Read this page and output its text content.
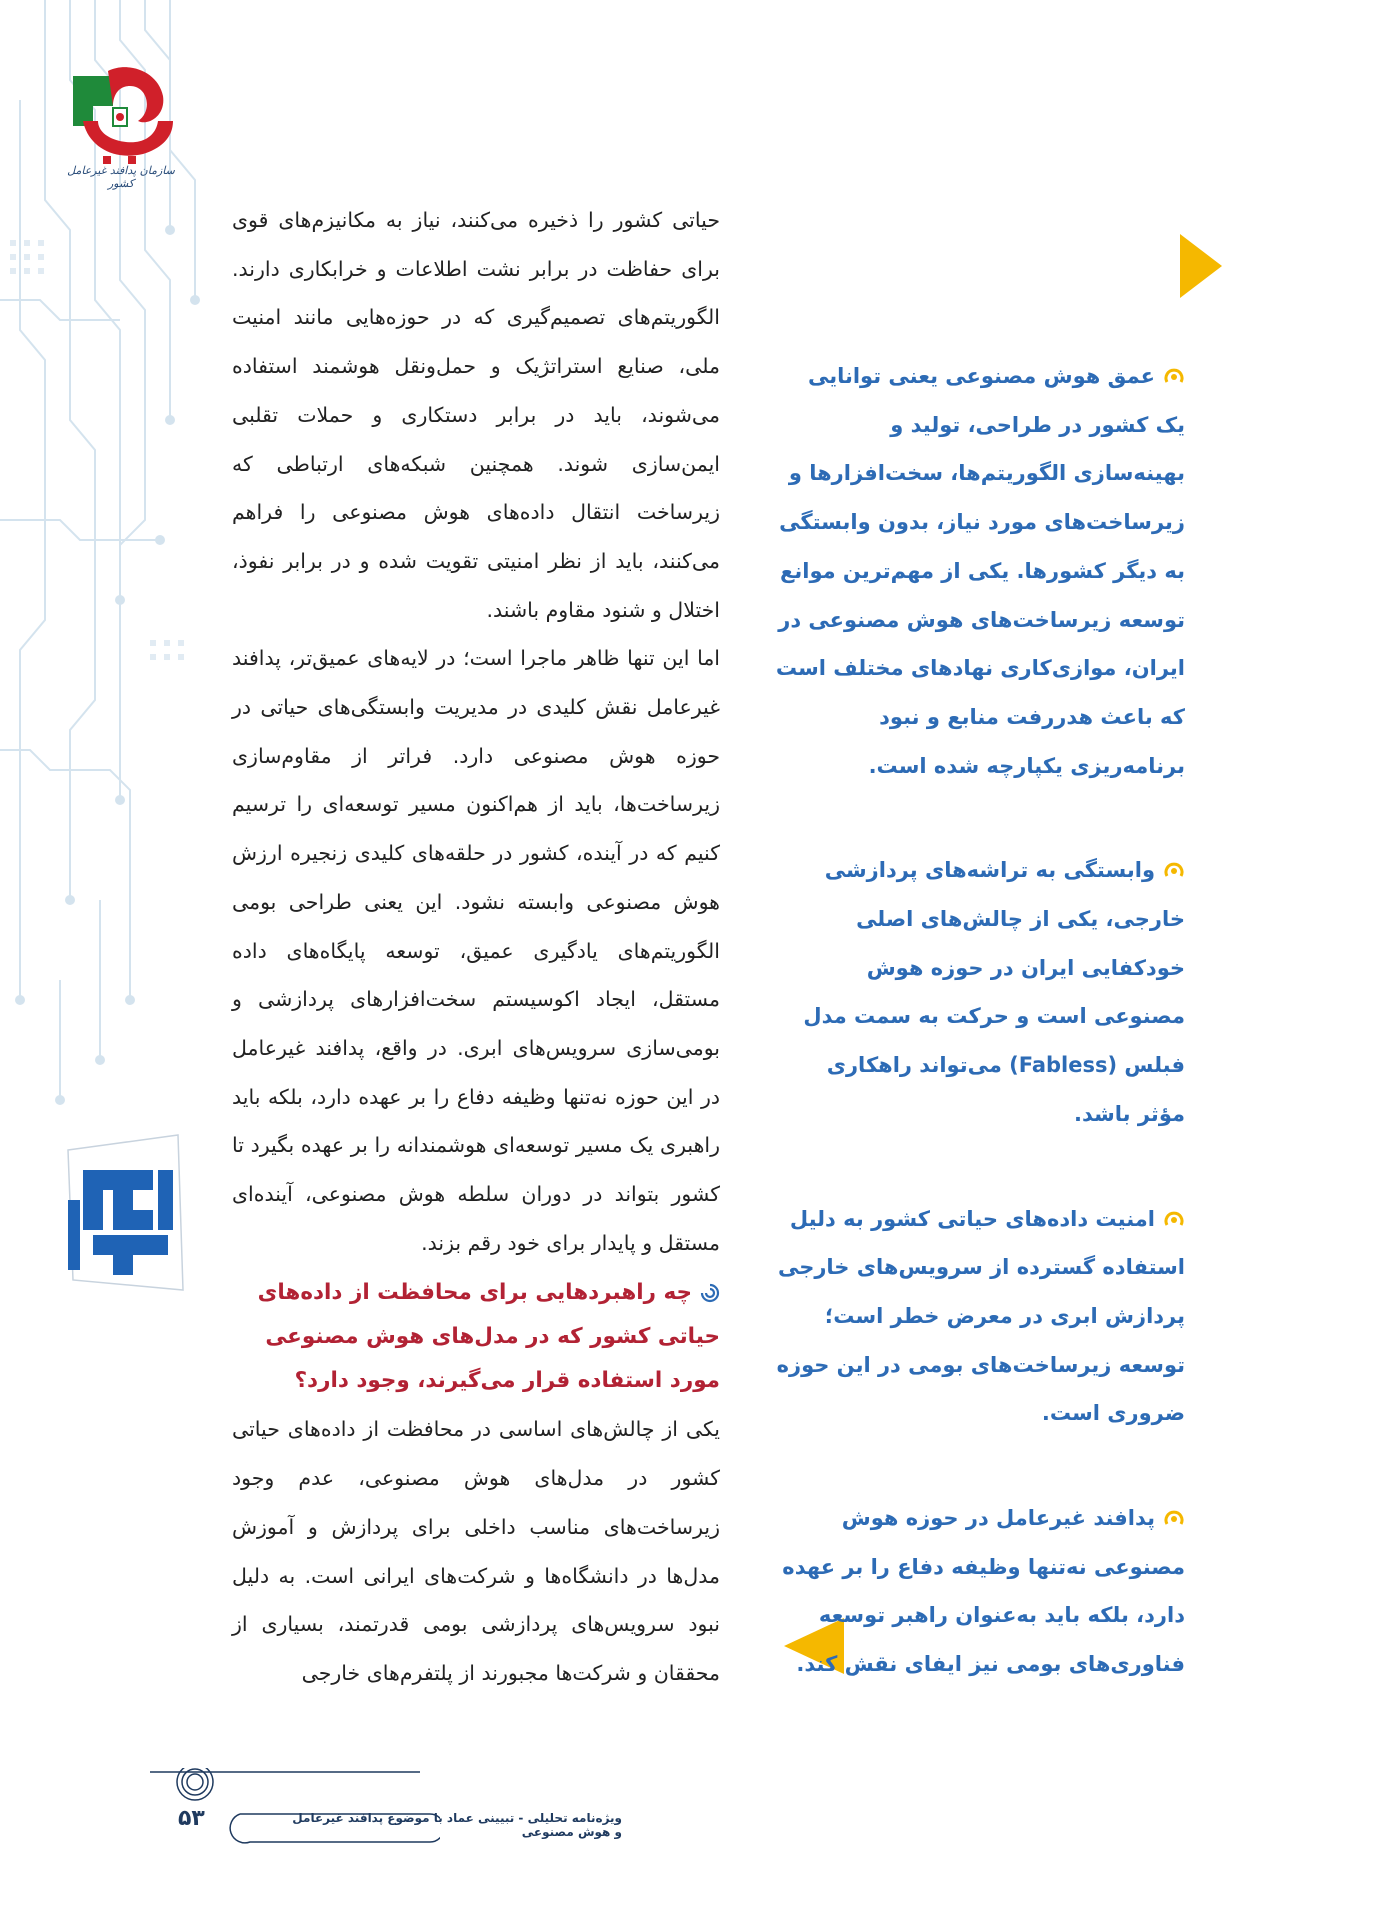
سازمان پدافند غیرعامل کشور

حیاتی کشور را ذخیره می‌کنند، نیاز به مکانیزم‌های قوی برای حفاظت در برابر نشت اطلاعات و خرابکاری دارند. الگوریتم‌های تصمیم‌گیری که در حوزه‌هایی مانند امنیت ملی، صنایع استراتژیک و حمل‌ونقل هوشمند استفاده می‌شوند، باید در برابر دستکاری و حملات تقلبی ایمن‌سازی شوند. همچنین شبکه‌های ارتباطی که زیرساخت انتقال داده‌های هوش مصنوعی را فراهم می‌کنند، باید از نظر امنیتی تقویت شده و در برابر نفوذ، اختلال و شنود مقاوم باشند.

اما این تنها ظاهر ماجرا است؛ در لایه‌های عمیق‌تر، پدافند غیرعامل نقش کلیدی در مدیریت وابستگی‌های حیاتی در حوزه هوش مصنوعی دارد. فراتر از مقاوم‌سازی زیرساخت‌ها، باید از هم‌اکنون مسیر توسعه‌ای را ترسیم کنیم که در آینده، کشور در حلقه‌های کلیدی زنجیره ارزش هوش مصنوعی وابسته نشود. این یعنی طراحی بومی الگوریتم‌های یادگیری عمیق، توسعه پایگاه‌های داده مستقل، ایجاد اکوسیستم سخت‌افزارهای پردازشی و بومی‌سازی سرویس‌های ابری. در واقع، پدافند غیرعامل در این حوزه نه‌تنها وظیفه دفاع را بر عهده دارد، بلکه باید راهبری یک مسیر توسعه‌ای هوشمندانه را بر عهده بگیرد تا کشور بتواند در دوران سلطه هوش مصنوعی، آینده‌ای مستقل و پایدار برای خود رقم بزند.

چه راهبردهایی برای محافظت از داده‌های حیاتی کشور که در مدل‌های هوش مصنوعی مورد استفاده قرار می‌گیرند، وجود دارد؟

یکی از چالش‌های اساسی در محافظت از داده‌های حیاتی کشور در مدل‌های هوش مصنوعی، عدم وجود زیرساخت‌های مناسب داخلی برای پردازش و آموزش مدل‌ها در دانشگاه‌ها و شرکت‌های ایرانی است. به دلیل نبود سرویس‌های پردازشی بومی قدرتمند، بسیاری از محققان و شرکت‌ها مجبورند از پلتفرم‌های خارجی

عمق هوش مصنوعی یعنی توانایی یک کشور در طراحی، تولید و بهینه‌سازی الگوریتم‌ها، سخت‌افزارها و زیرساخت‌های مورد نیاز، بدون وابستگی به دیگر کشورها. یکی از مهم‌ترین موانع توسعه زیرساخت‌های هوش مصنوعی در ایران، موازی‌کاری نهادهای مختلف است که باعث هدررفت منابع و نبود برنامه‌ریزی یکپارچه شده است.

وابستگی به تراشه‌های پردازشی خارجی، یکی از چالش‌های اصلی خودکفایی ایران در حوزه هوش مصنوعی است و حرکت به سمت مدل فبلس (Fabless) می‌تواند راهکاری مؤثر باشد.

امنیت داده‌های حیاتی کشور به دلیل استفاده گسترده از سرویس‌های خارجی پردازش ابری در معرض خطر است؛ توسعه زیرساخت‌های بومی در این حوزه ضروری است.

پدافند غیرعامل در حوزه هوش مصنوعی نه‌تنها وظیفه دفاع را بر عهده دارد، بلکه باید به‌عنوان راهبر توسعه فناوری‌های بومی نیز ایفای نقش کند.

۵۳	ویژه‌نامه تحلیلی - تبیینی عماد با موضوع پدافند غیرعامل و هوش مصنوعی
